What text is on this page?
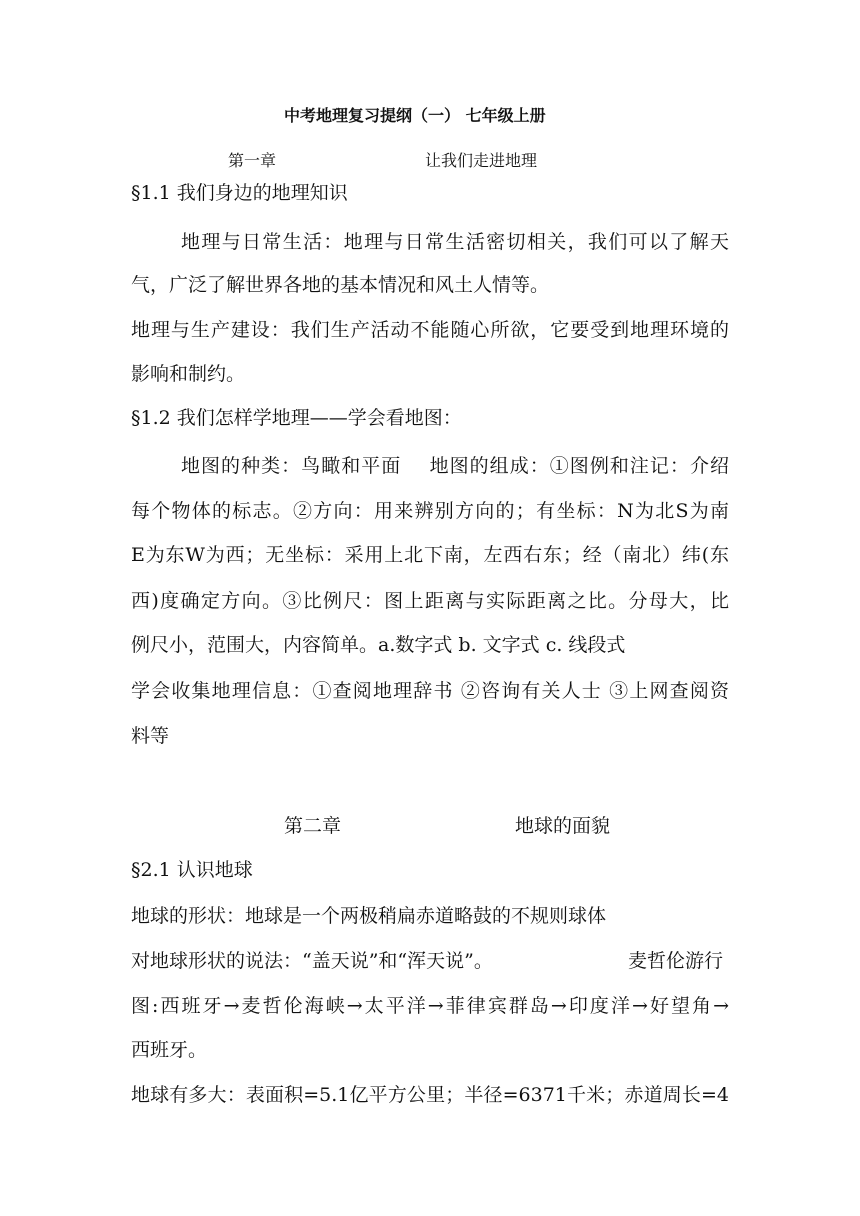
中考地理复习提纲（一） 七年级上册
第一章	让我们走进地理
§1.1 我们身边的地理知识
地理与日常生活：地理与日常生活密切相关，我们可以了解天
气，广泛了解世界各地的基本情况和风土人情等。
地理与生产建设：我们生产活动不能随心所欲，它要受到地理环境的
影响和制约。
§1.2 我们怎样学地理——学会看地图：
地图的种类：鸟瞰和平面    地图的组成：①图例和注记：介绍
每个物体的标志。②方向：用来辨别方向的；有坐标：N为北S为南
E为东W为西；无坐标：采用上北下南，左西右东；经（南北）纬(东
西)度确定方向。③比例尺：图上距离与实际距离之比。分母大，比
例尺小，范围大，内容简单。a.数字式 b. 文字式 c. 线段式
学会收集地理信息：①查阅地理辞书 ②咨询有关人士 ③上网查阅资
料等
第二章	地球的面貌
§2.1 认识地球
地球的形状：地球是一个两极稍扁赤道略鼓的不规则球体
对地球形状的说法：“盖天说”和“浑天说”。	麦哲伦游行
图:西班牙→麦哲伦海峡→太平洋→菲律宾群岛→印度洋→好望角→
西班牙。
地球有多大：表面积=5.1亿平方公里；半径=6371千米；赤道周长=4
